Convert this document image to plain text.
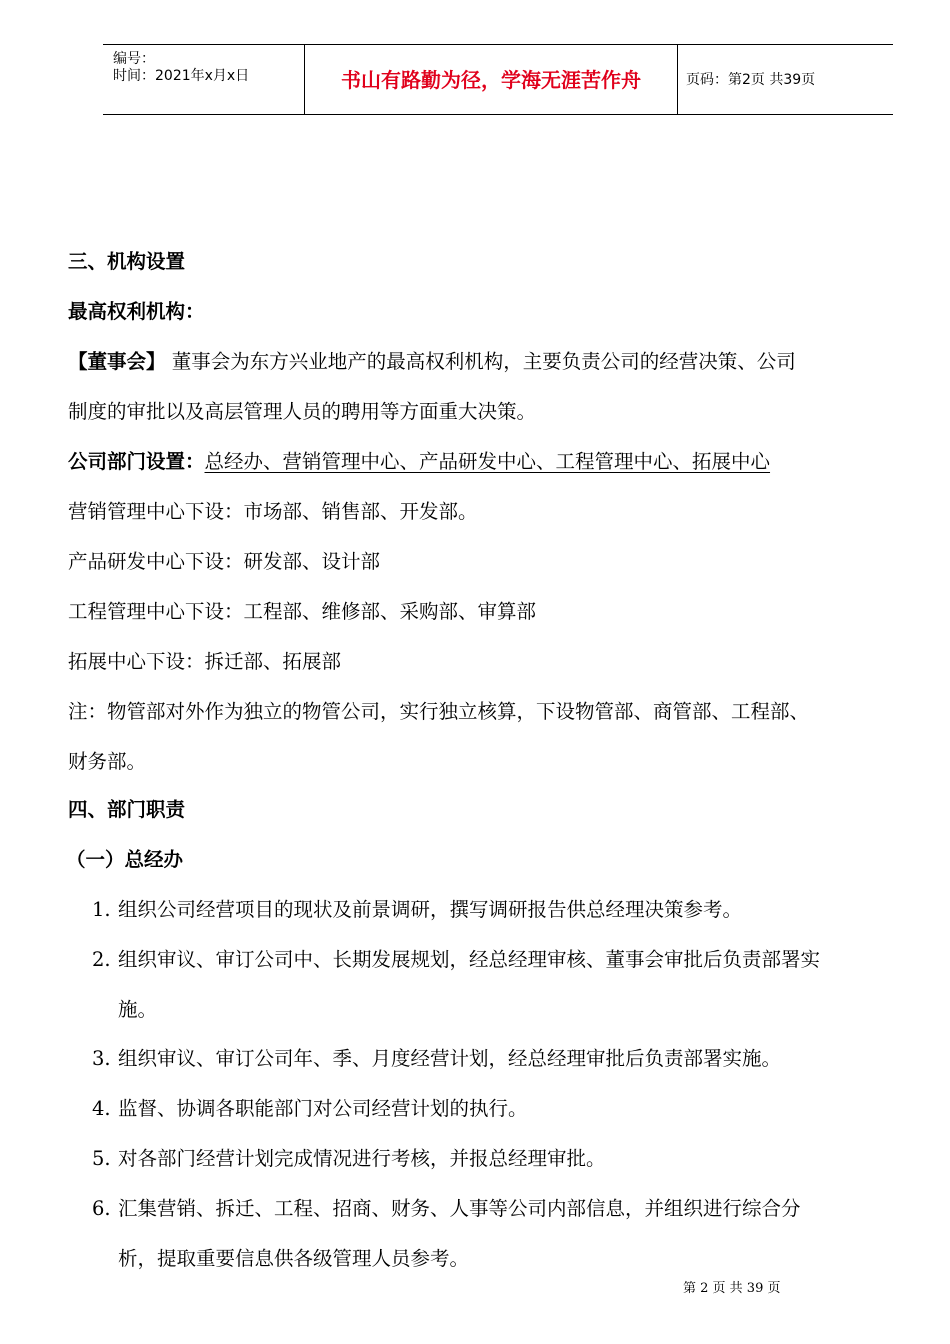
编号：
时间：2021年x月x日	书山有路勤为径，学海无涯苦作舟	页码：第2页 共39页
三、机构设置
最高权利机构：
【董事会】 董事会为东方兴业地产的最高权利机构，主要负责公司的经营决策、公司
制度的审批以及高层管理人员的聘用等方面重大决策。
公司部门设置：总经办、营销管理中心、产品研发中心、工程管理中心、拓展中心
营销管理中心下设：市场部、销售部、开发部。
产品研发中心下设：研发部、设计部
工程管理中心下设：工程部、维修部、采购部、审算部
拓展中心下设：拆迁部、拓展部
注：物管部对外作为独立的物管公司，实行独立核算，下设物管部、商管部、工程部、
财务部。
四、部门职责
（一）总经办
1. 组织公司经营项目的现状及前景调研，撰写调研报告供总经理决策参考。
2. 组织审议、审订公司中、长期发展规划，经总经理审核、董事会审批后负责部署实
施。
3. 组织审议、审订公司年、季、月度经营计划，经总经理审批后负责部署实施。
4. 监督、协调各职能部门对公司经营计划的执行。
5. 对各部门经营计划完成情况进行考核，并报总经理审批。
6. 汇集营销、拆迁、工程、招商、财务、人事等公司内部信息，并组织进行综合分
析，提取重要信息供各级管理人员参考。
第 2 页 共 39 页
